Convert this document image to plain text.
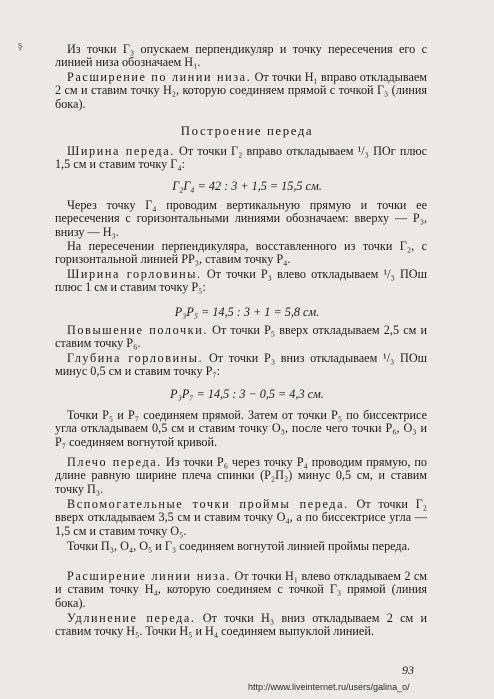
ş	Из точки Г₃ опускаем перпендикуляр и точку пересечения его с линией низа обозначаем Н₁.

Расширение по линии низа. От точки Н₁ вправо откладываем 2 см и ставим точку Н₂, которую соединяем прямой с точкой Г₃ (линия бока).

Построение переда

Ширина переда. От точки Г₂ вправо откладываем ¹/₃ ПОг плюс 1,5 см и ставим точку Г₄:

Г₂Г₄ = 42 : 3 + 1,5 = 15,5 см.

Через точку Г₄ проводим вертикальную прямую и точки ее пересечения с горизонтальными линиями обозначаем: вверху — Р₃, внизу — Н₃.

На пересечении перпендикуляра, восставленного из точки Г₂, с горизонтальной линией РР₃, ставим точку Р₄.

Ширина горловины. От точки Р₃ влево откладываем ¹/₃ ПОш плюс 1 см и ставим точку Р₅:

Р₃Р₅ = 14,5 : 3 + 1 = 5,8 см.

Повышение полочки. От точки Р₅ вверх откладываем 2,5 см и ставим точку Р₆.

Глубина горловины. От точки Р₃ вниз откладываем ¹/₃ ПОш минус 0,5 см и ставим точку Р₇:

Р₃Р₇ = 14,5 : 3 − 0,5 = 4,3 см.

Точки Р₅ и Р₇ соединяем прямой. Затем от точки Р₅ по биссектрисе угла откладываем 0,5 см и ставим точку О₃, после чего точки Р₆, О₃ и Р₇ соединяем вогнутой кривой.

Плечо переда. Из точки Р₆ через точку Р₄ проводим прямую, по длине равную ширине плеча спинки (Р₂П₂) минус 0,5 см, и ставим точку П₃.

Вспомогательные точки проймы переда. От точки Г₂ вверх откладываем 3,5 см и ставим точку О₄, а по биссектрисе угла — 1,5 см и ставим точку О₅.

Точки П₃, О₄, О₅ и Г₃ соединяем вогнутой линией проймы переда.

Расширение линии низа. От точки Н₁ влево откладываем 2 см и ставим точку Н₄, которую соединяем с точкой Г₃ прямой (линия бока).

Удлинение переда. От точки Н₃ вниз откладываем 2 см и ставим точку Н₅. Точки Н₅ и Н₄ соединяем выпуклой линией.

93
http://www.liveinternet.ru/users/galina_o/
